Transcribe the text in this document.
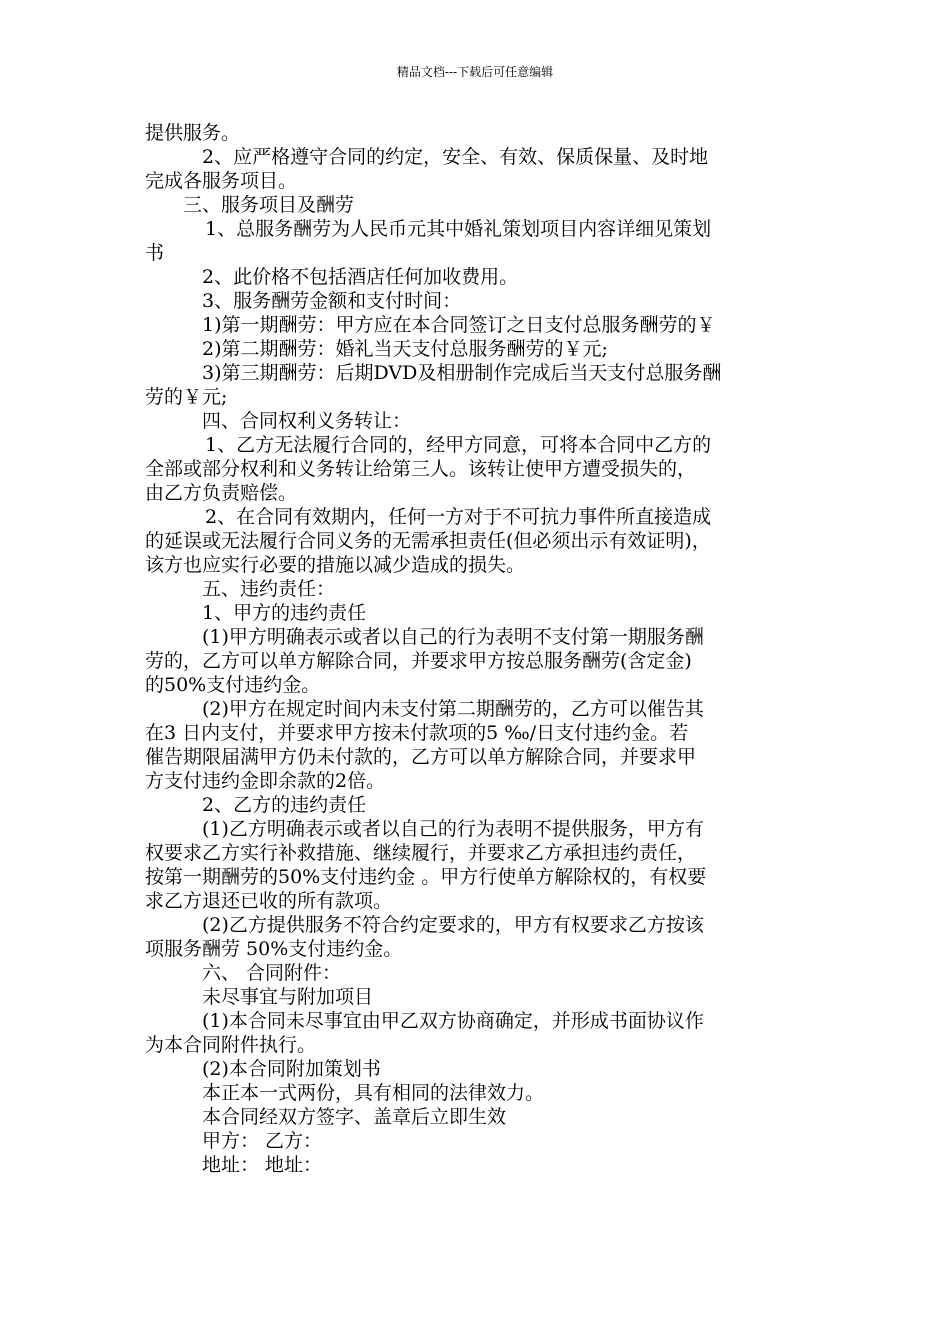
精品文档---下载后可任意编辑
提供服务。
2、应严格遵守合同的约定，安全、有效、保质保量、及时地
完成各服务项目。
三、服务项目及酬劳
1、总服务酬劳为人民币元其中婚礼策划项目内容详细见策划
书
2、此价格不包括酒店任何加收费用。
3、服务酬劳金额和支付时间：
1)第一期酬劳：甲方应在本合同签订之日支付总服务酬劳的￥
2)第二期酬劳：婚礼当天支付总服务酬劳的￥元;
3)第三期酬劳：后期DVD及相册制作完成后当天支付总服务酬
劳的￥元;
四、合同权利义务转让：
1、乙方无法履行合同的，经甲方同意，可将本合同中乙方的
全部或部分权利和义务转让给第三人。该转让使甲方遭受损失的，
由乙方负责赔偿。
2、在合同有效期内，任何一方对于不可抗力事件所直接造成
的延误或无法履行合同义务的无需承担责任(但必须出示有效证明)，
该方也应实行必要的措施以减少造成的损失。
五、违约责任：
1、甲方的违约责任
(1)甲方明确表示或者以自己的行为表明不支付第一期服务酬
劳的，乙方可以单方解除合同，并要求甲方按总服务酬劳(含定金)
的50%支付违约金。
(2)甲方在规定时间内未支付第二期酬劳的，乙方可以催告其
在3 日内支付，并要求甲方按未付款项的5 ‰/日支付违约金。若
催告期限届满甲方仍未付款的，乙方可以单方解除合同，并要求甲
方支付违约金即余款的2倍。
2、乙方的违约责任
(1)乙方明确表示或者以自己的行为表明不提供服务，甲方有
权要求乙方实行补救措施、继续履行，并要求乙方承担违约责任，
按第一期酬劳的50%支付违约金 。甲方行使单方解除权的，有权要
求乙方退还已收的所有款项。
(2)乙方提供服务不符合约定要求的，甲方有权要求乙方按该
项服务酬劳 50%支付违约金。
六、 合同附件：
未尽事宜与附加项目
(1)本合同未尽事宜由甲乙双方协商确定，并形成书面协议作
为本合同附件执行。
(2)本合同附加策划书
本正本一式两份，具有相同的法律效力。
本合同经双方签字、盖章后立即生效
甲方： 乙方：
地址： 地址：
